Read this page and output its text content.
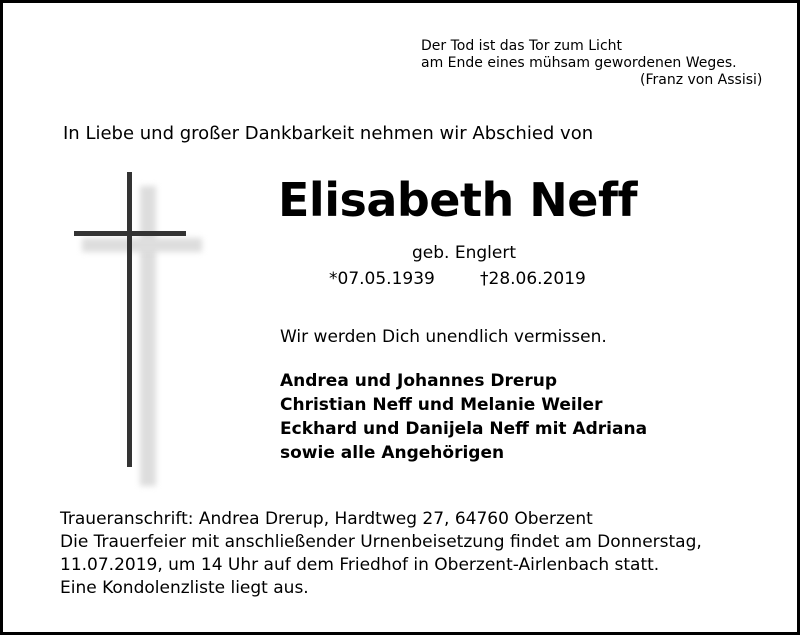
Der Tod ist das Tor zum Licht
am Ende eines mühsam gewordenen Weges.
(Franz von Assisi)
In Liebe und großer Dankbarkeit nehmen wir Abschied von
Elisabeth Neff
geb. Englert
*07.05.1939	†28.06.2019
Wir werden Dich unendlich vermissen.
Andrea und Johannes Drerup
Christian Neff und Melanie Weiler
Eckhard und Danijela Neff mit Adriana
sowie alle Angehörigen
Traueranschrift: Andrea Drerup, Hardtweg 27, 64760 Oberzent
Die Trauerfeier mit anschließender Urnenbeisetzung findet am Donnerstag,
11.07.2019, um 14 Uhr auf dem Friedhof in Oberzent-Airlenbach statt.
Eine Kondolenzliste liegt aus.
